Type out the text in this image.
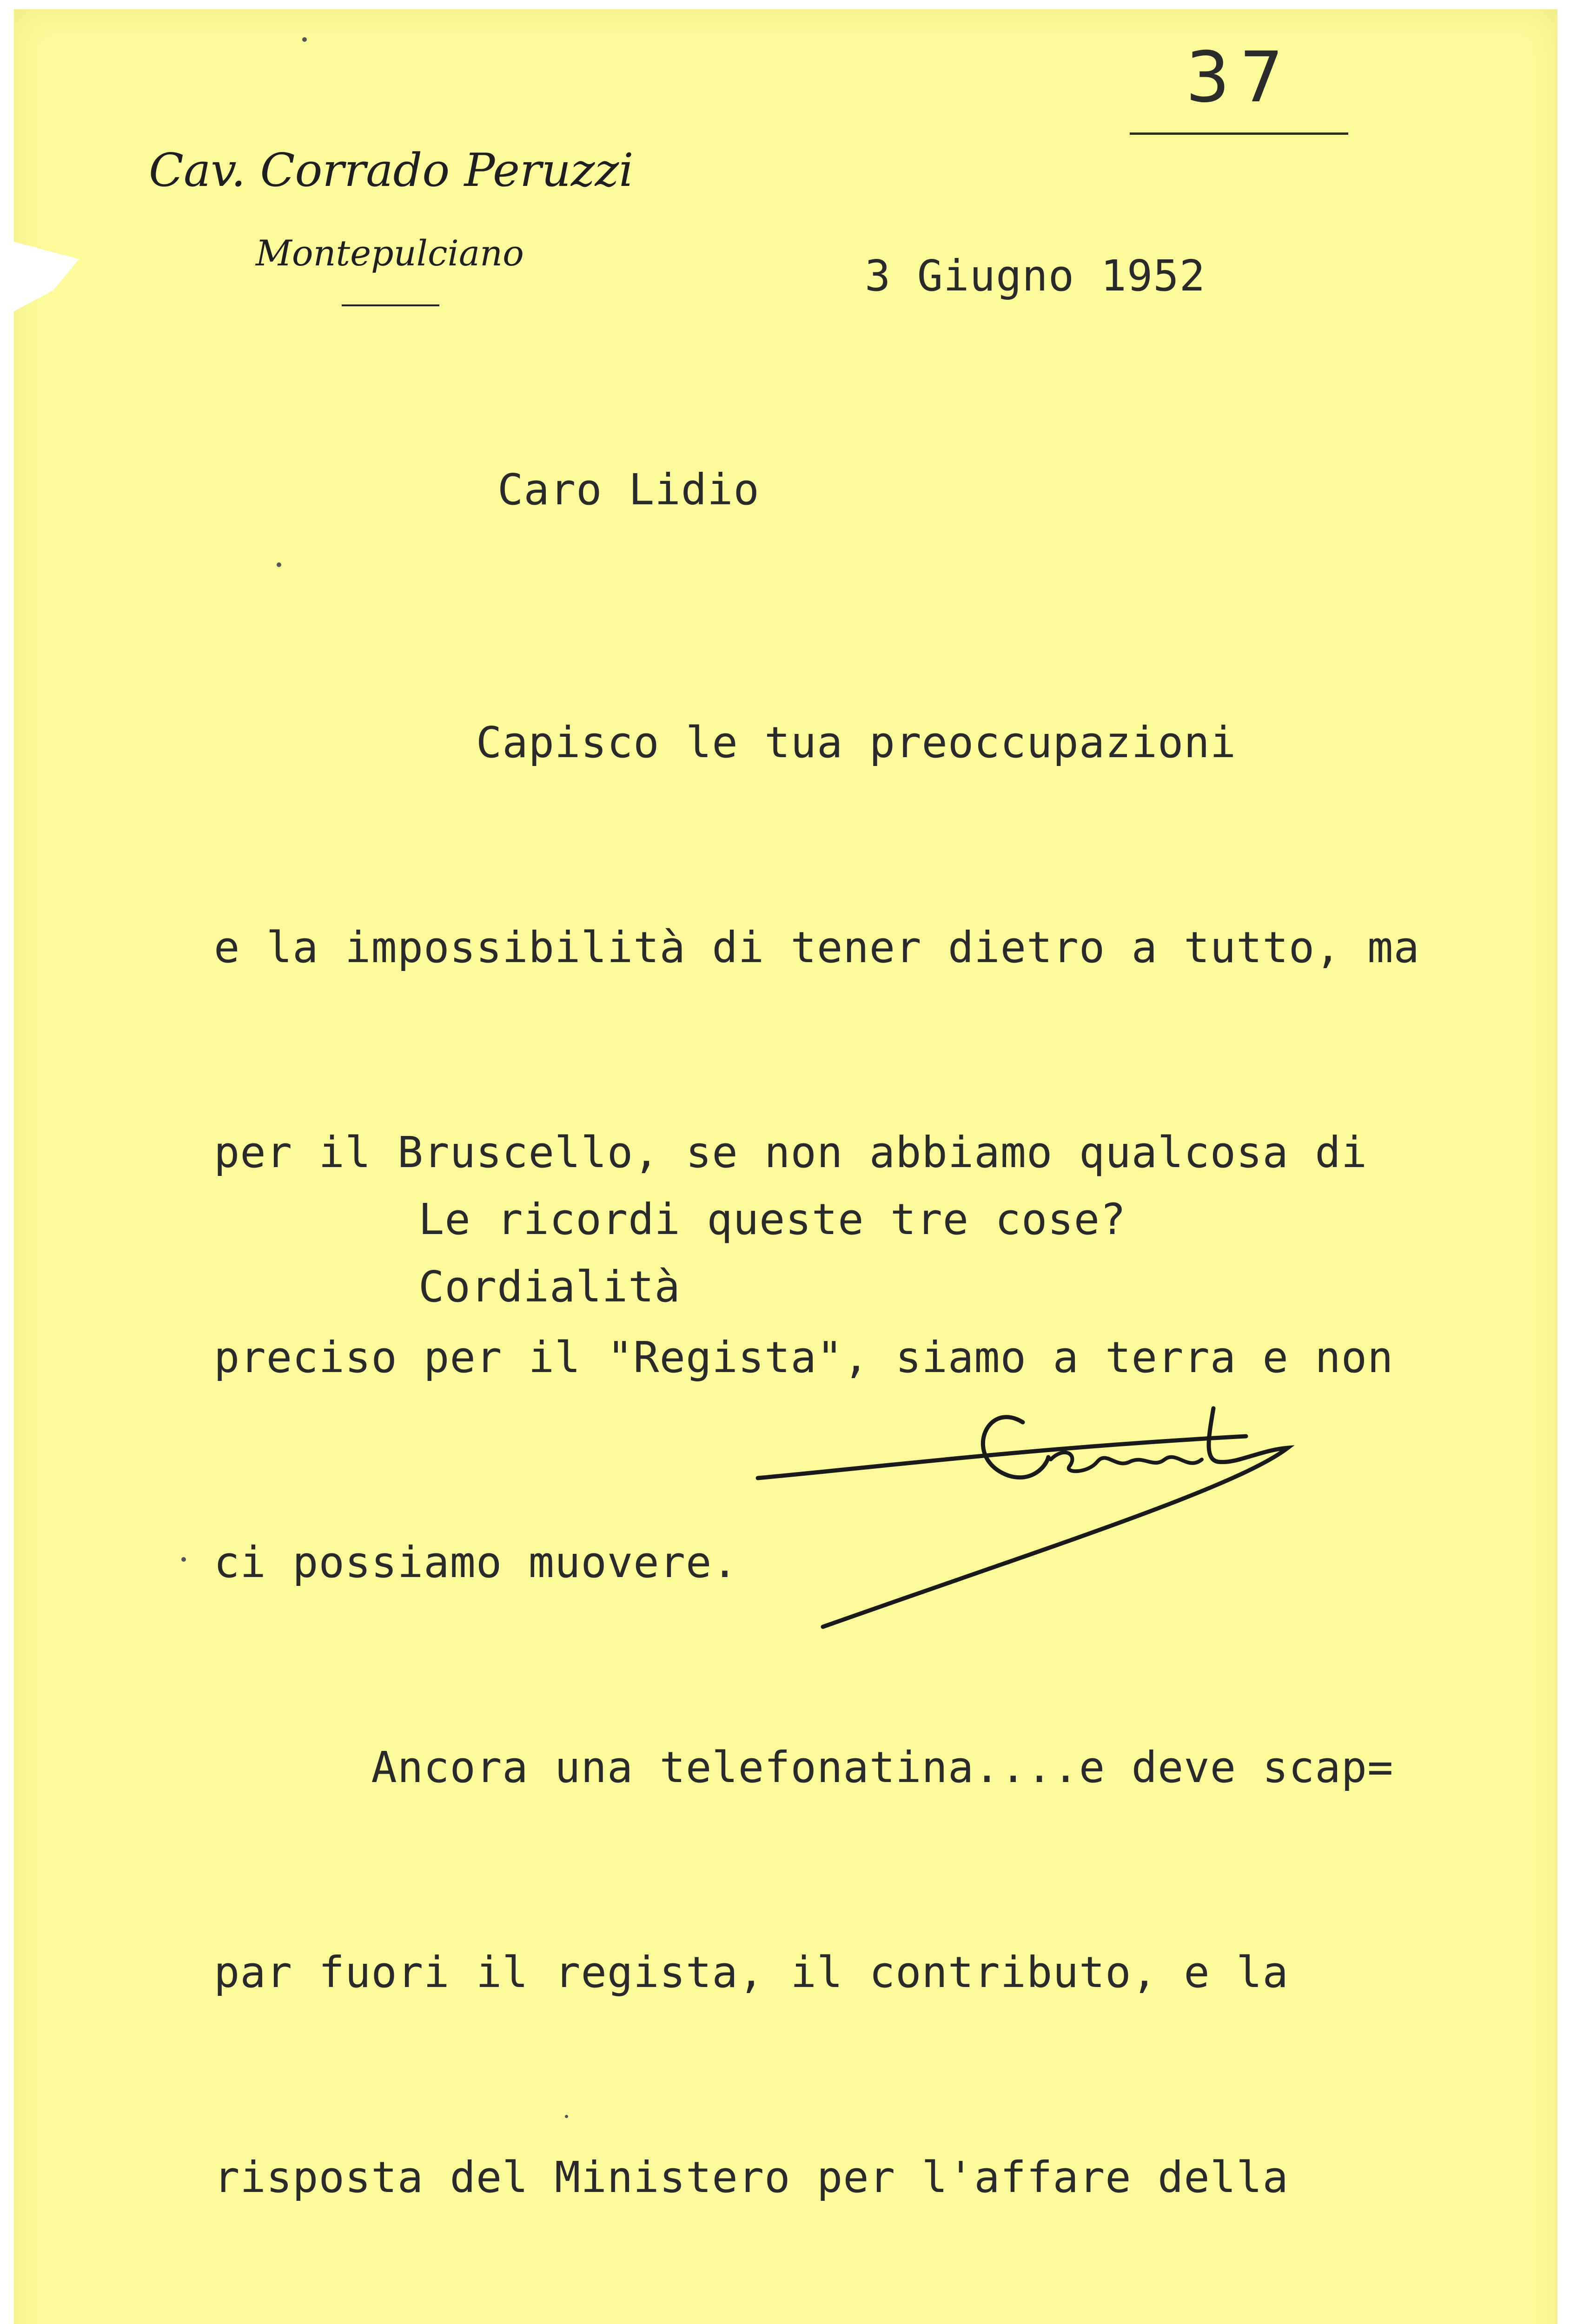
37
Cav. Corrado Peruzzi
Montepulciano	3 Giugno 1952
Caro Lidio

Capisco le tua preoccupazioni

e la impossibilità di tener dietro a tutto, ma

per il Bruscello, se non abbiamo qualcosa di

preciso per il "Regista", siamo a terra e non

ci possiamo muovere.

Ancora una telefonatina....e deve scap=

par fuori il regista, il contributo, e la

risposta del Ministero per l'affare della

Le ricordi queste tre cose?
Cordialità
